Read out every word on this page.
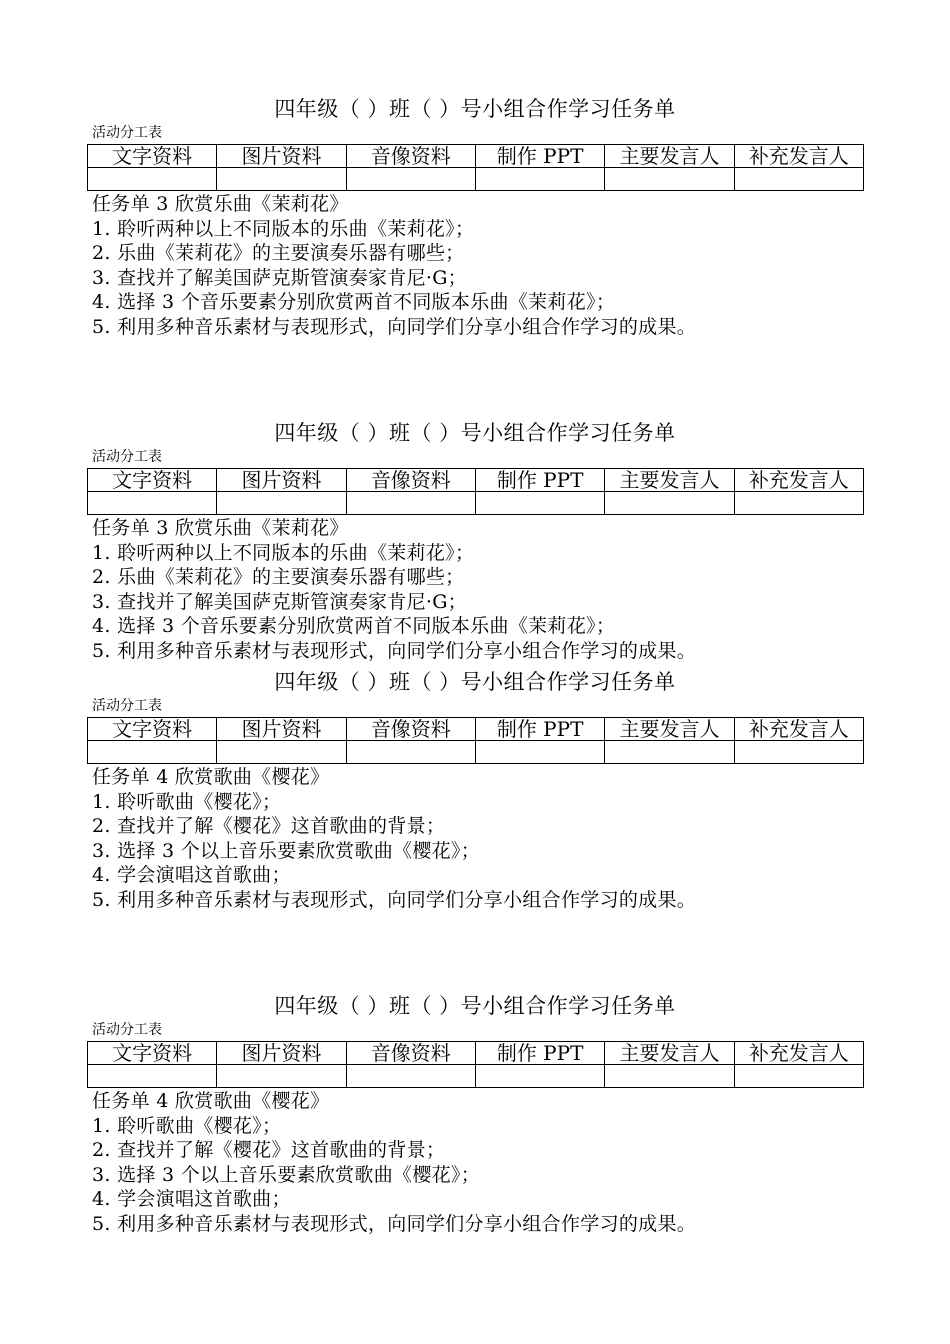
四年级（ ）班（ ）号小组合作学习任务单
活动分工表
文字资料	图片资料	音像资料	制作 PPT	主要发言人	补充发言人

任务单 3 欣赏乐曲《茉莉花》
1. 聆听两种以上不同版本的乐曲《茉莉花》；
2. 乐曲《茉莉花》的主要演奏乐器有哪些；
3. 查找并了解美国萨克斯管演奏家肯尼·G；
4. 选择 3 个音乐要素分别欣赏两首不同版本乐曲《茉莉花》；
5. 利用多种音乐素材与表现形式，向同学们分享小组合作学习的成果。
四年级（ ）班（ ）号小组合作学习任务单
活动分工表
文字资料	图片资料	音像资料	制作 PPT	主要发言人	补充发言人

任务单 3 欣赏乐曲《茉莉花》
1. 聆听两种以上不同版本的乐曲《茉莉花》；
2. 乐曲《茉莉花》的主要演奏乐器有哪些；
3. 查找并了解美国萨克斯管演奏家肯尼·G；
4. 选择 3 个音乐要素分别欣赏两首不同版本乐曲《茉莉花》；
5. 利用多种音乐素材与表现形式，向同学们分享小组合作学习的成果。
四年级（ ）班（ ）号小组合作学习任务单
活动分工表
文字资料	图片资料	音像资料	制作 PPT	主要发言人	补充发言人

任务单 4 欣赏歌曲《樱花》
1. 聆听歌曲《樱花》；
2. 查找并了解《樱花》这首歌曲的背景；
3. 选择 3 个以上音乐要素欣赏歌曲《樱花》；
4. 学会演唱这首歌曲；
5. 利用多种音乐素材与表现形式，向同学们分享小组合作学习的成果。
四年级（ ）班（ ）号小组合作学习任务单
活动分工表
文字资料	图片资料	音像资料	制作 PPT	主要发言人	补充发言人

任务单 4 欣赏歌曲《樱花》
1. 聆听歌曲《樱花》；
2. 查找并了解《樱花》这首歌曲的背景；
3. 选择 3 个以上音乐要素欣赏歌曲《樱花》；
4. 学会演唱这首歌曲；
5. 利用多种音乐素材与表现形式，向同学们分享小组合作学习的成果。
